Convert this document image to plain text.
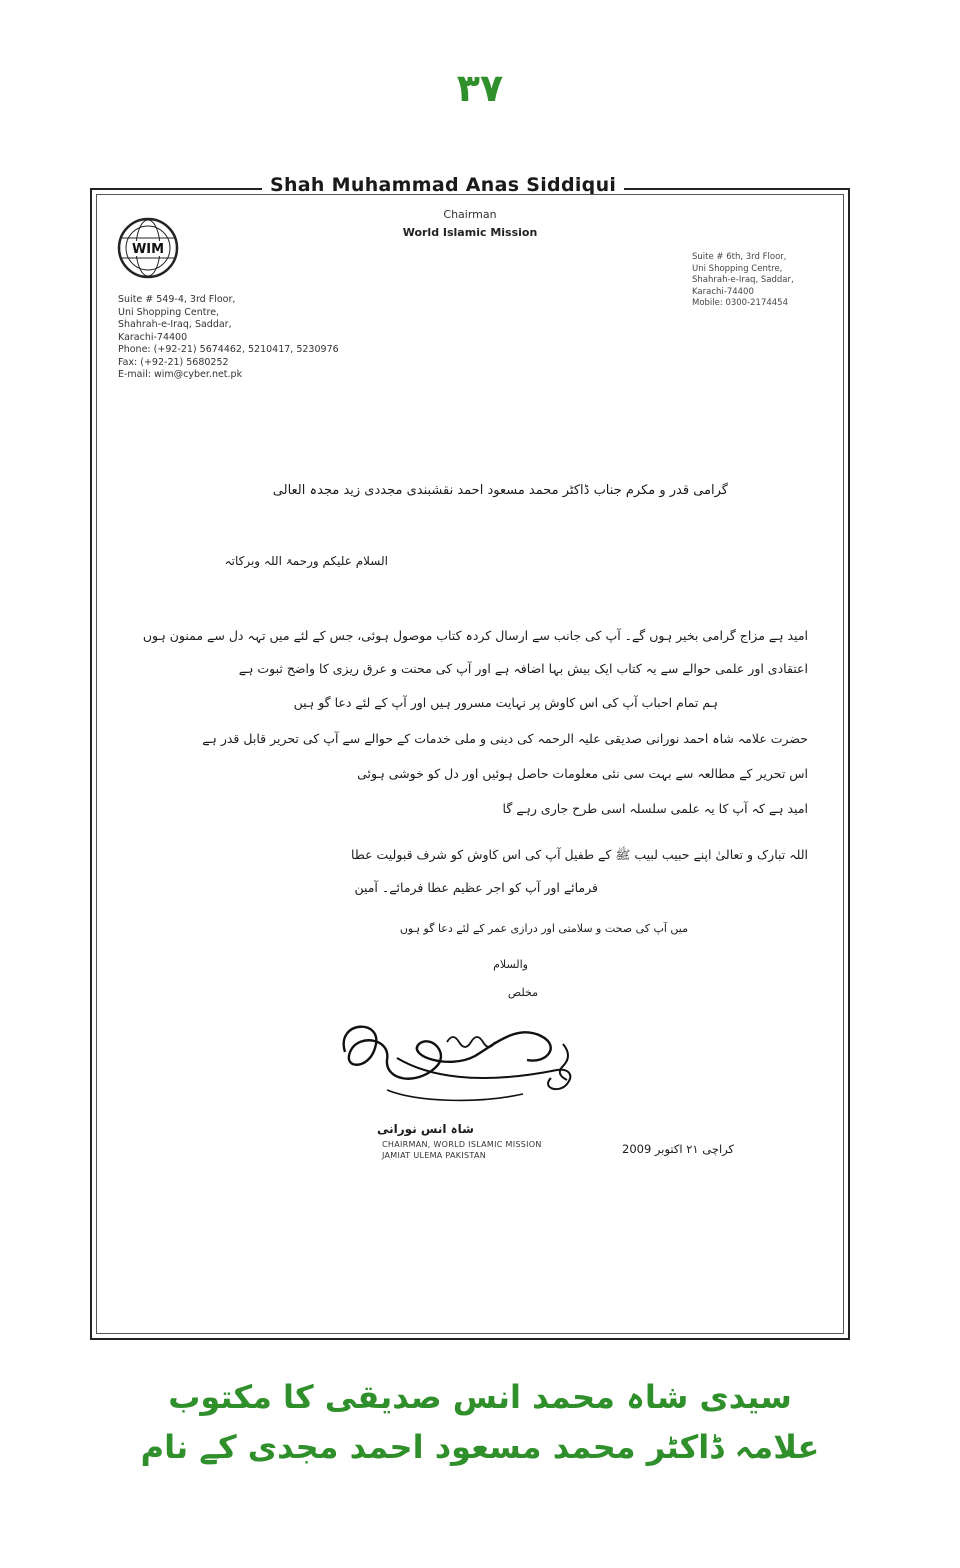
۳۷
Shah Muhammad Anas Siddiqui
Chairman
World Islamic Mission
WIM
Suite # 549-4, 3rd Floor,
Uni Shopping Centre,
Shahrah-e-Iraq, Saddar,
Karachi-74400
Phone: (+92-21) 5674462, 5210417, 5230976
Fax: (+92-21) 5680252
E-mail: wim@cyber.net.pk
Suite # 6th, 3rd Floor,
Uni Shopping Centre,
Shahrah-e-Iraq, Saddar,
Karachi-74400
Mobile: 0300-2174454
گرامی قدر و مکرم جناب ڈاکٹر محمد مسعود احمد نقشبندی مجددی زید مجدہ العالی
السلام علیکم ورحمۃ اللہ وبرکاتہ
امید ہے مزاج گرامی بخیر ہوں گے۔ آپ کی جانب سے ارسال کردہ کتاب موصول ہوئی، جس کے لئے میں تہہ دل سے ممنون ہوں
اعتقادی اور علمی حوالے سے یہ کتاب ایک بیش بہا اضافہ ہے اور آپ کی محنت و عرق ریزی کا واضح ثبوت ہے
ہم تمام احباب آپ کی اس کاوش پر نہایت مسرور ہیں اور آپ کے لئے دعا گو ہیں
حضرت علامہ شاہ احمد نورانی صدیقی علیہ الرحمہ کی دینی و ملی خدمات کے حوالے سے آپ کی تحریر قابل قدر ہے
اس تحریر کے مطالعہ سے بہت سی نئی معلومات حاصل ہوئیں اور دل کو خوشی ہوئی
امید ہے کہ آپ کا یہ علمی سلسلہ اسی طرح جاری رہے گا
اللہ تبارک و تعالیٰ اپنے حبیب لبیب ﷺ کے طفیل آپ کی اس کاوش کو شرف قبولیت عطا
فرمائے اور آپ کو اجر عظیم عطا فرمائے۔ آمین
میں آپ کی صحت و سلامتی اور درازی عمر کے لئے دعا گو ہوں
والسلام
مخلص
شاہ انس نورانی
CHAIRMAN, WORLD ISLAMIC MISSION
JAMIAT ULEMA PAKISTAN	کراچی ۲۱ اکتوبر 2009
سیدی شاہ محمد انس صدیقی کا مکتوب
علامہ ڈاکٹر محمد مسعود احمد مجدی کے نام
